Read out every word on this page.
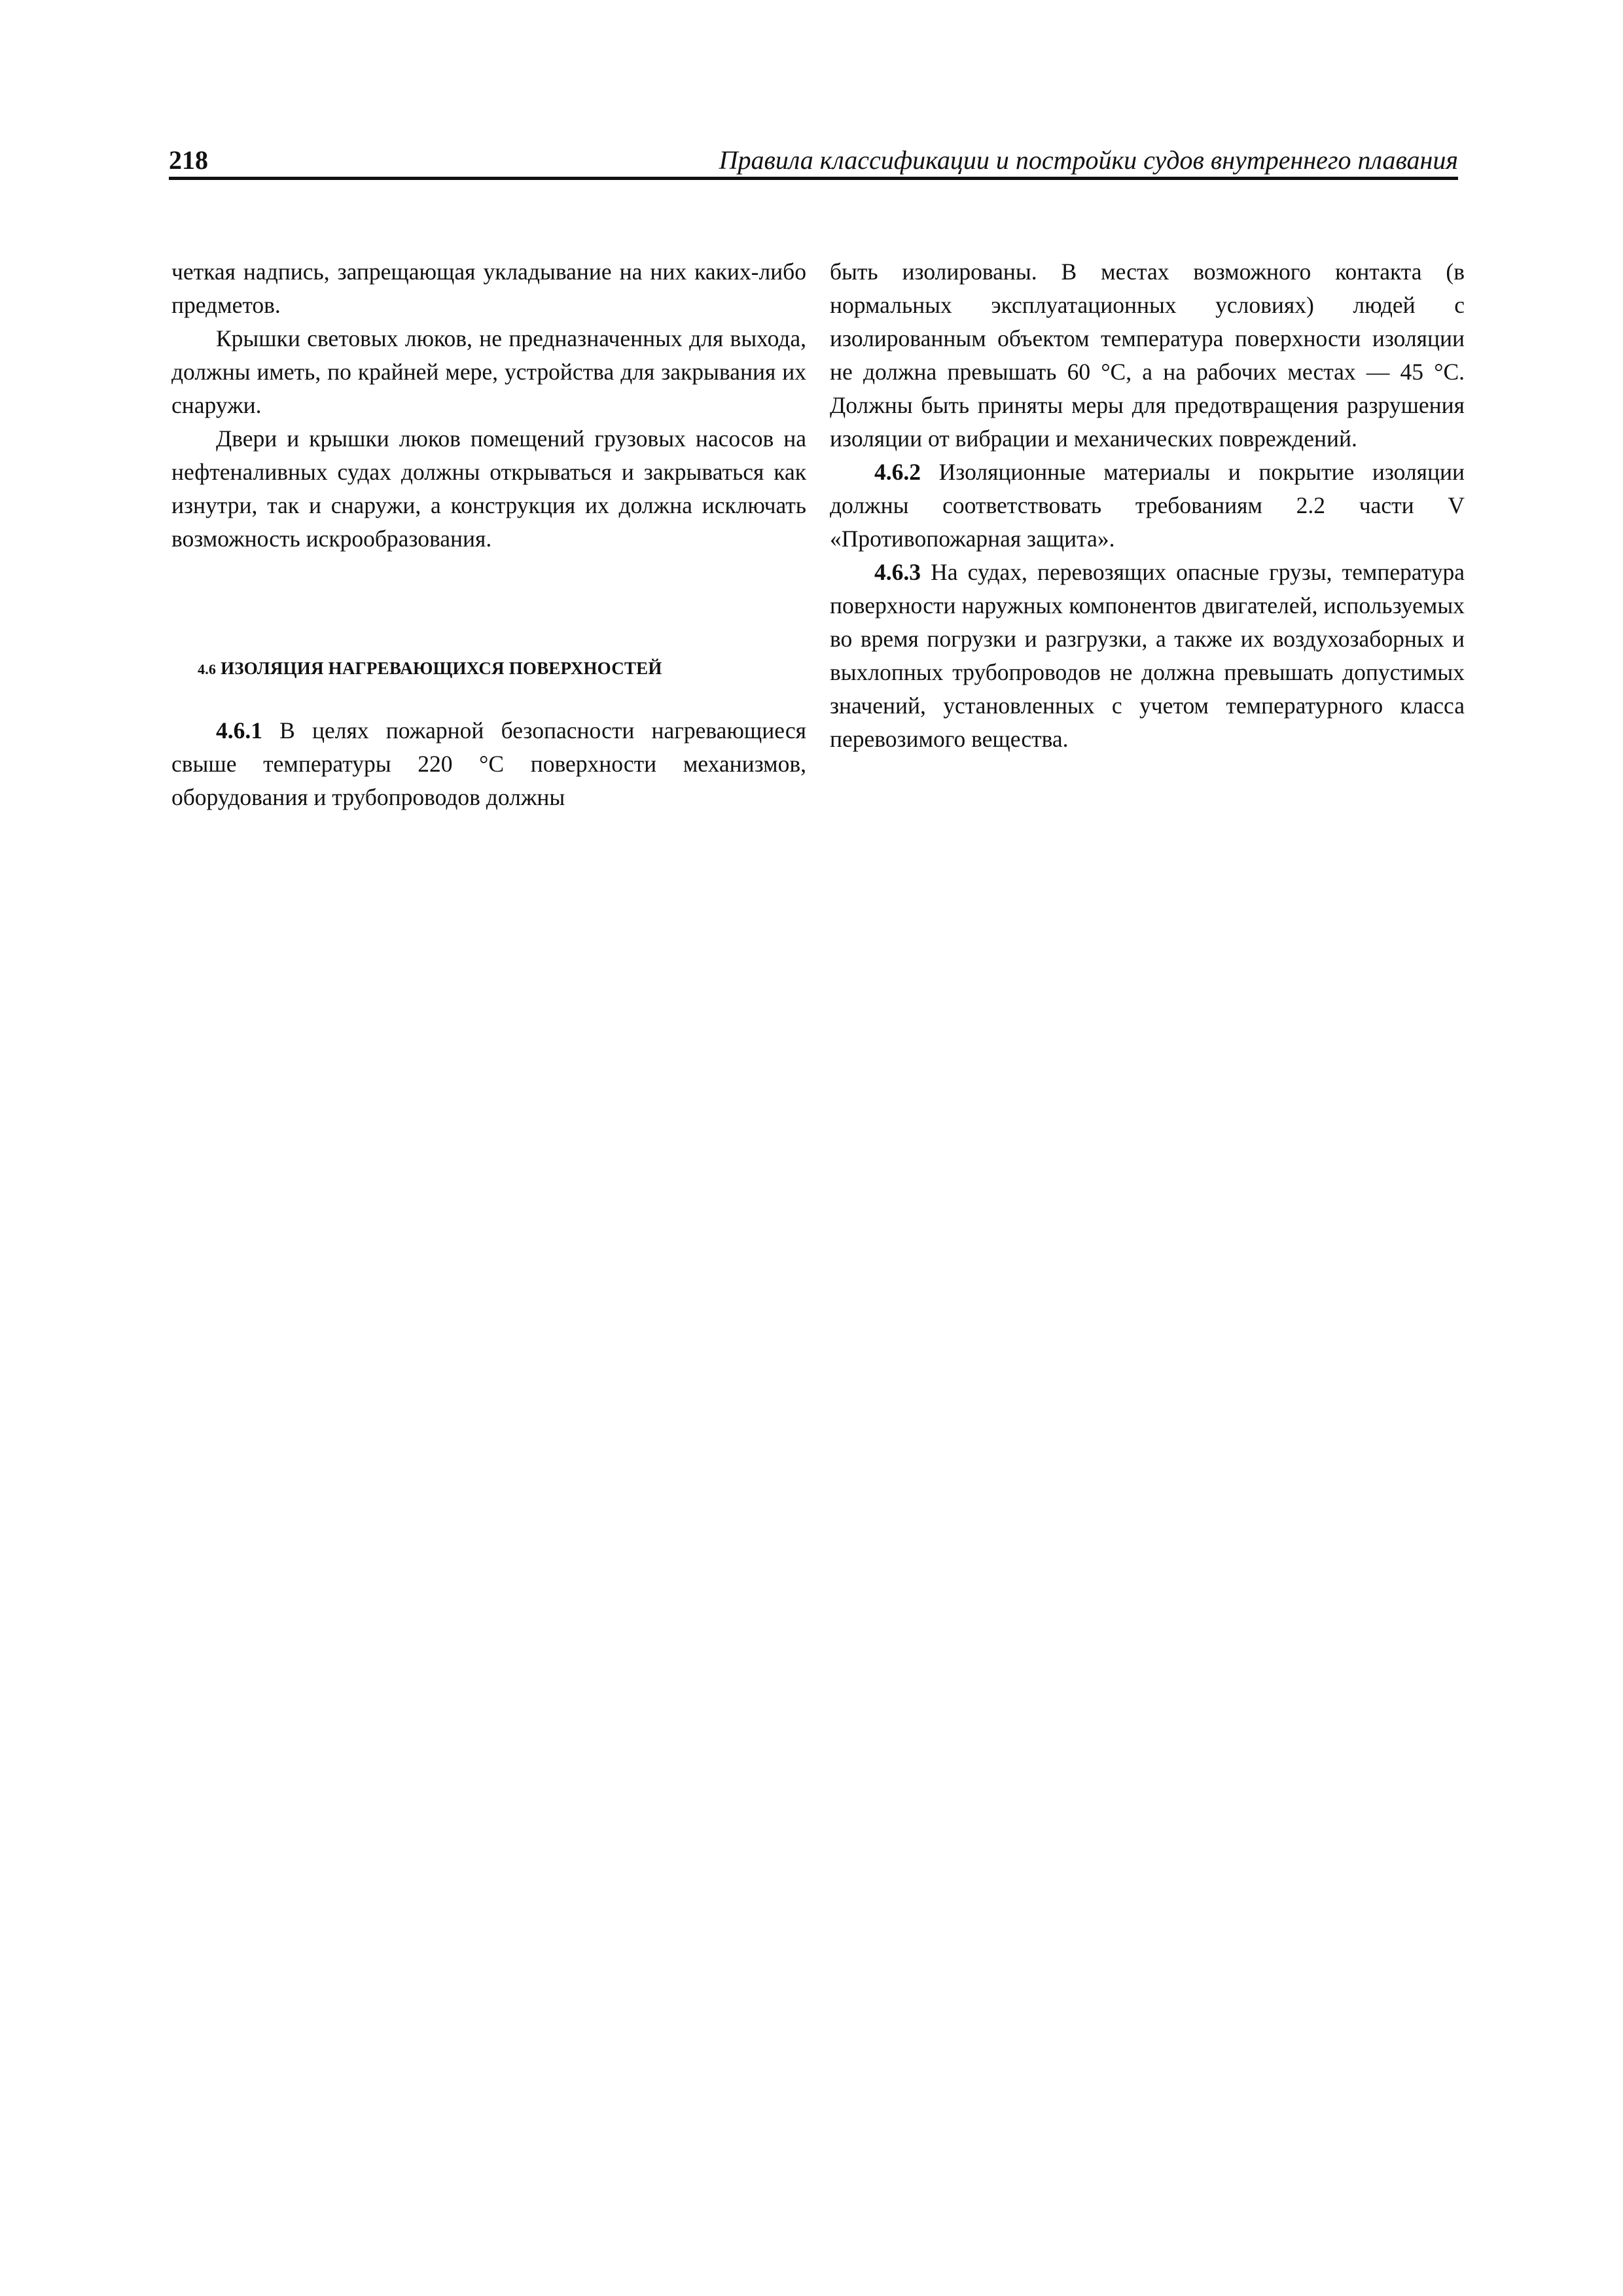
218	Правила классификации и постройки судов внутреннего плавания

четкая надпись, запрещающая укладывание на них каких-либо предметов.

Крышки световых люков, не предназначенных для выхода, должны иметь, по крайней мере, устройства для закрывания их снаружи.

Двери и крышки люков помещений грузовых насосов на нефтеналивных судах должны открываться и закрываться как изнутри, так и снаружи, а конструкция их должна исключать возможность искрообразования.

4.6 ИЗОЛЯЦИЯ НАГРЕВАЮЩИХСЯ ПОВЕРХНОСТЕЙ

4.6.1 В целях пожарной безопасности нагревающиеся свыше температуры 220 °С поверхности механизмов, оборудования и трубопроводов должны

быть изолированы. В местах возможного контакта (в нормальных эксплуатационных условиях) людей с изолированным объектом температура поверхности изоляции не должна превышать 60 °С, а на рабочих местах — 45 °С. Должны быть приняты меры для предотвращения разрушения изоляции от вибрации и механических повреждений.

4.6.2 Изоляционные материалы и покрытие изоляции должны соответствовать требованиям 2.2 части V «Противопожарная защита».

4.6.3 На судах, перевозящих опасные грузы, температура поверхности наружных компонентов двигателей, используемых во время погрузки и разгрузки, а также их воздухозаборных и выхлопных трубопроводов не должна превышать допустимых значений, установленных с учетом температурного класса перевозимого вещества.
